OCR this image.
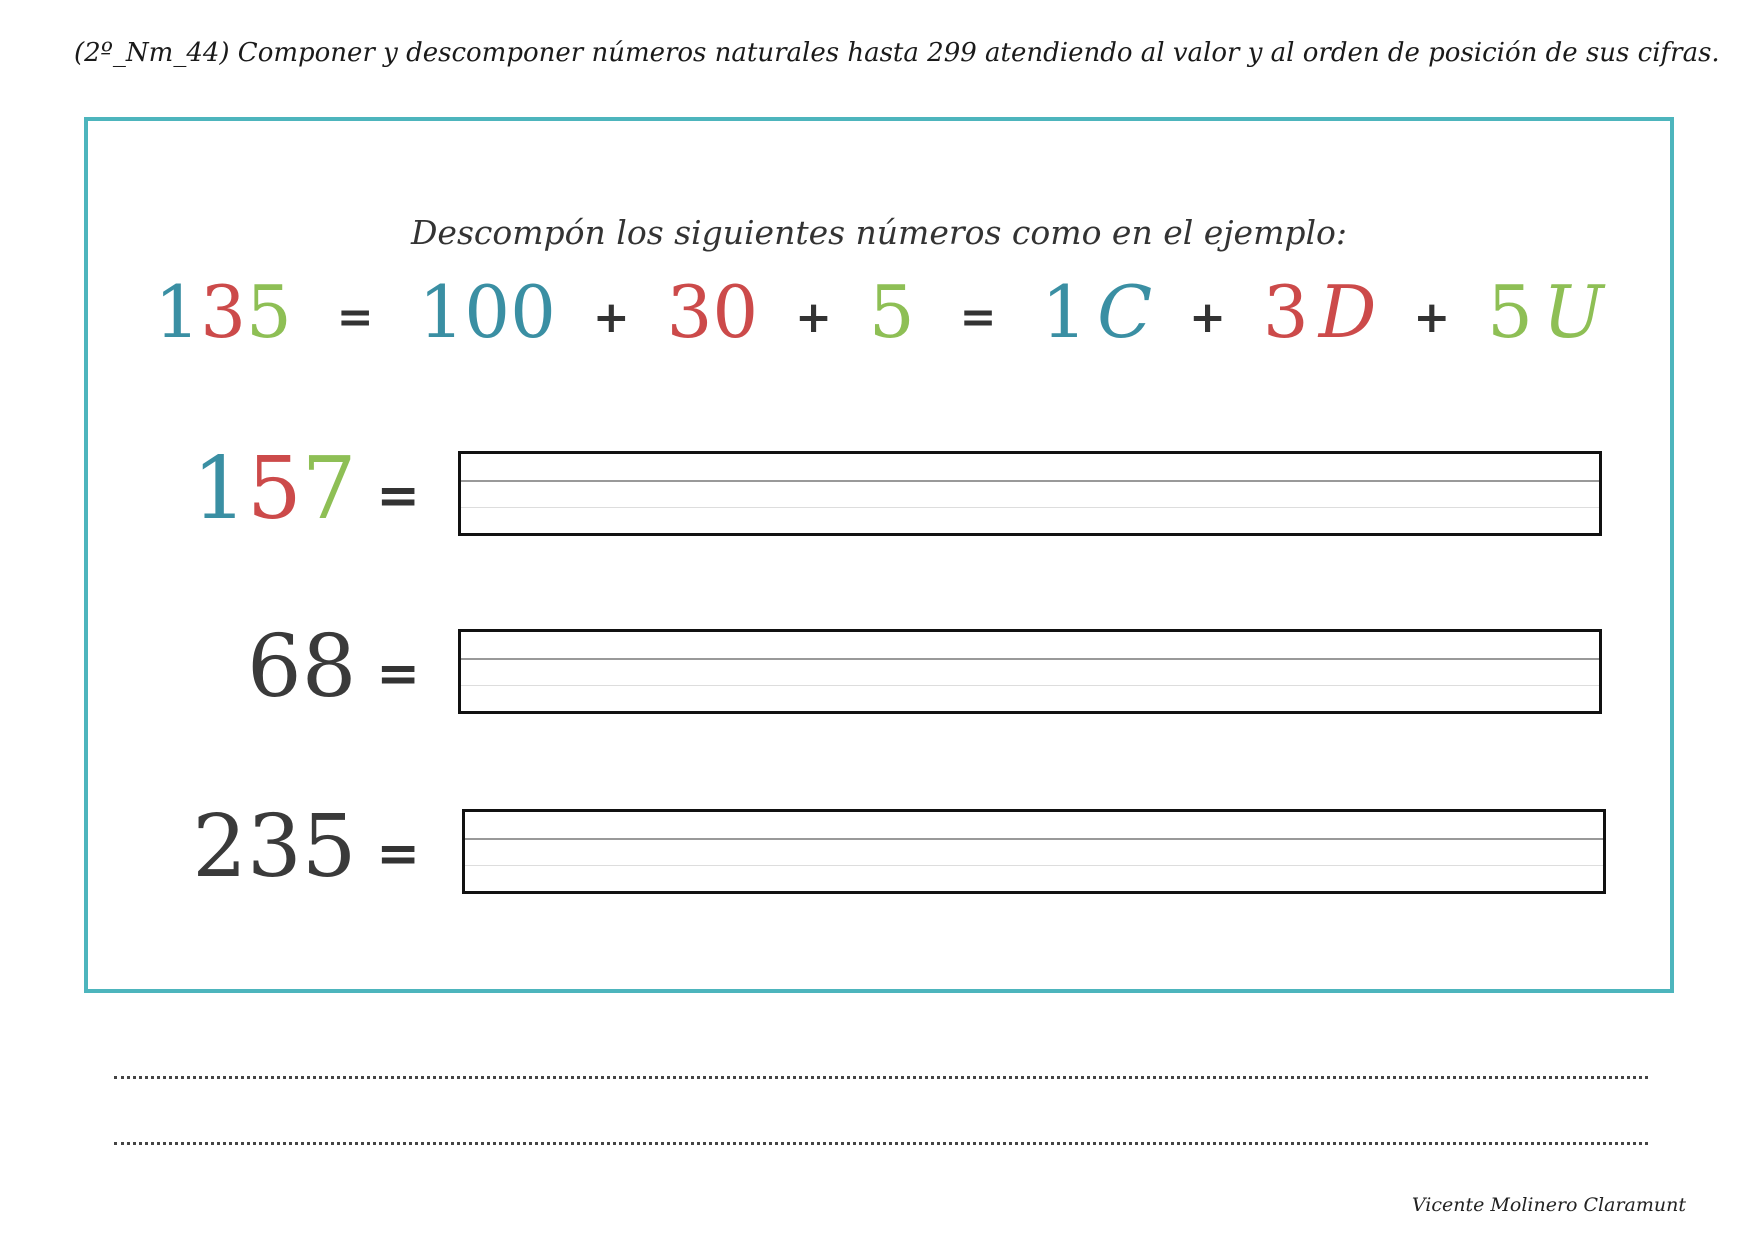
(2º_Nm_44) Componer y descomponer números naturales hasta 299 atendiendo al valor y al orden de posición de sus cifras.
Descompón los siguientes números como en el ejemplo:
135 = 100 + 30 + 5 = 1 C + 3 D + 5 U
157 =
68 =
235 =
Vicente Molinero Claramunt
